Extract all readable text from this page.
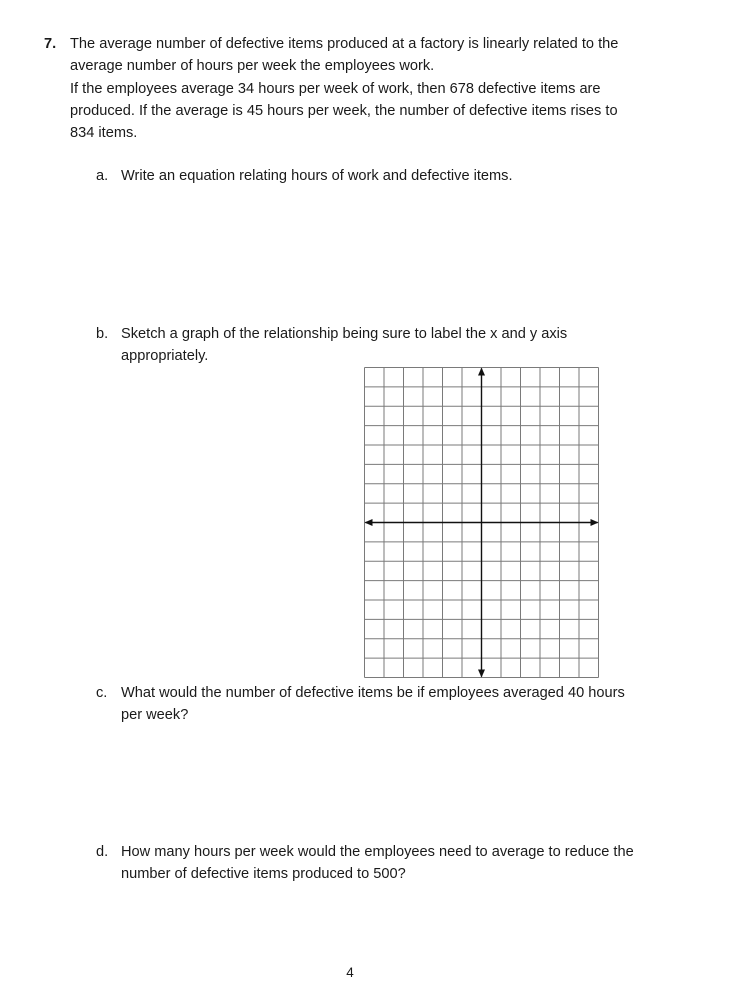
7. The average number of defective items produced at a factory is linearly related to the
average number of hours per week the employees work.
If the employees average 34 hours per week of work, then 678 defective items are
produced. If the average is 45 hours per week, the number of defective items rises to
834 items.
a. Write an equation relating hours of work and defective items.
b. Sketch a graph of the relationship being sure to label the x and y axis
appropriately.
c. What would the number of defective items be if employees averaged 40 hours
per week?
d. How many hours per week would the employees need to average to reduce the
number of defective items produced to 500?
4
